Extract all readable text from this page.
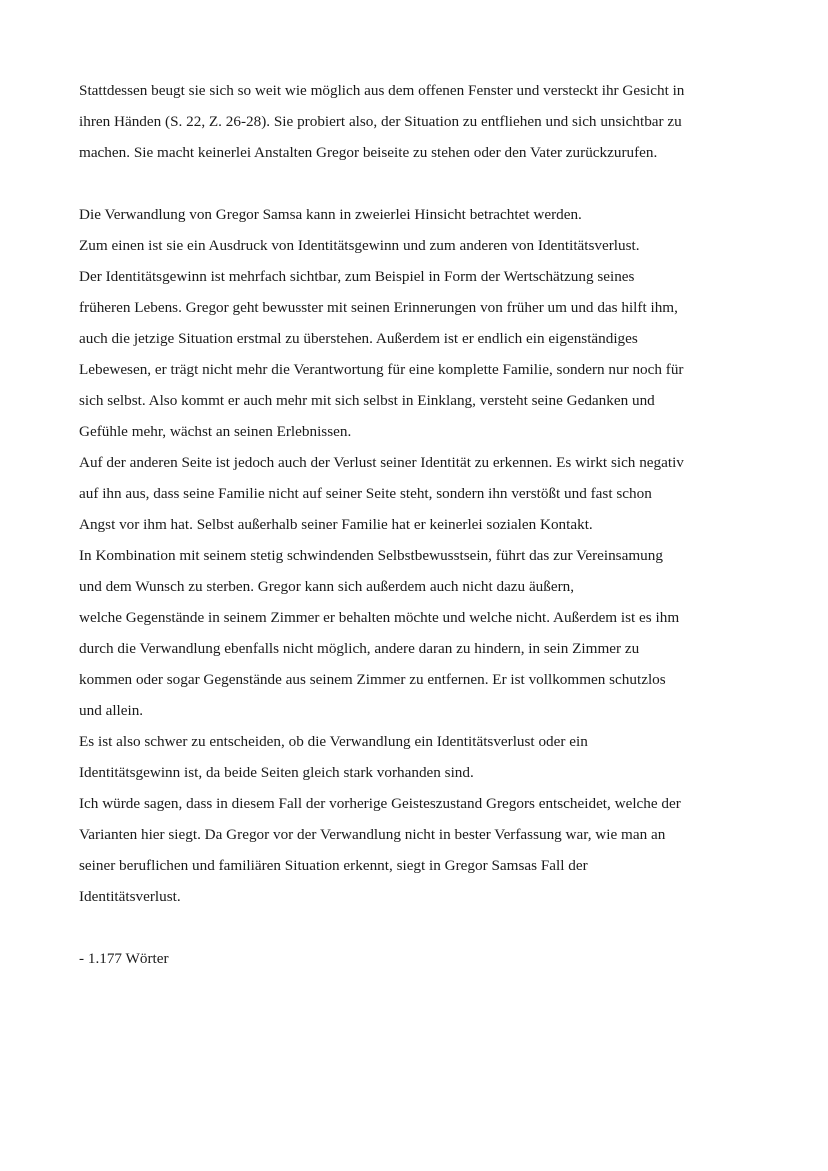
Stattdessen beugt sie sich so weit wie möglich aus dem offenen Fenster und versteckt ihr Gesicht in
ihren Händen (S. 22, Z. 26-28). Sie probiert also, der Situation zu entfliehen und sich unsichtbar zu
machen. Sie macht keinerlei Anstalten Gregor beiseite zu stehen oder den Vater zurückzurufen.
Die Verwandlung von Gregor Samsa kann in zweierlei Hinsicht betrachtet werden.
Zum einen ist sie ein Ausdruck von Identitätsgewinn und zum anderen von Identitätsverlust.
Der Identitätsgewinn ist mehrfach sichtbar, zum Beispiel in Form der Wertschätzung seines
früheren Lebens. Gregor geht bewusster mit seinen Erinnerungen von früher um und das hilft ihm,
auch die jetzige Situation erstmal zu überstehen. Außerdem ist er endlich ein eigenständiges
Lebewesen, er trägt nicht mehr die Verantwortung für eine komplette Familie, sondern nur noch für
sich selbst. Also kommt er auch mehr mit sich selbst in Einklang, versteht seine Gedanken und
Gefühle mehr, wächst an seinen Erlebnissen.
Auf der anderen Seite ist jedoch auch der Verlust seiner Identität zu erkennen. Es wirkt sich negativ
auf ihn aus, dass seine Familie nicht auf seiner Seite steht, sondern ihn verstößt und fast schon
Angst vor ihm hat. Selbst außerhalb seiner Familie hat er keinerlei sozialen Kontakt.
In Kombination mit seinem stetig schwindenden Selbstbewusstsein, führt das zur Vereinsamung
und dem Wunsch zu sterben. Gregor kann sich außerdem auch nicht dazu äußern,
welche Gegenstände in seinem Zimmer er behalten möchte und welche nicht. Außerdem ist es ihm
durch die Verwandlung ebenfalls nicht möglich, andere daran zu hindern, in sein Zimmer zu
kommen oder sogar Gegenstände aus seinem Zimmer zu entfernen. Er ist vollkommen schutzlos
und allein.
Es ist also schwer zu entscheiden, ob die Verwandlung ein Identitätsverlust oder ein
Identitätsgewinn ist, da beide Seiten gleich stark vorhanden sind.
Ich würde sagen, dass in diesem Fall der vorherige Geisteszustand Gregors entscheidet, welche der
Varianten hier siegt. Da Gregor vor der Verwandlung nicht in bester Verfassung war, wie man an
seiner beruflichen und familiären Situation erkennt, siegt in Gregor Samsas Fall der
Identitätsverlust.
- 1.177 Wörter
